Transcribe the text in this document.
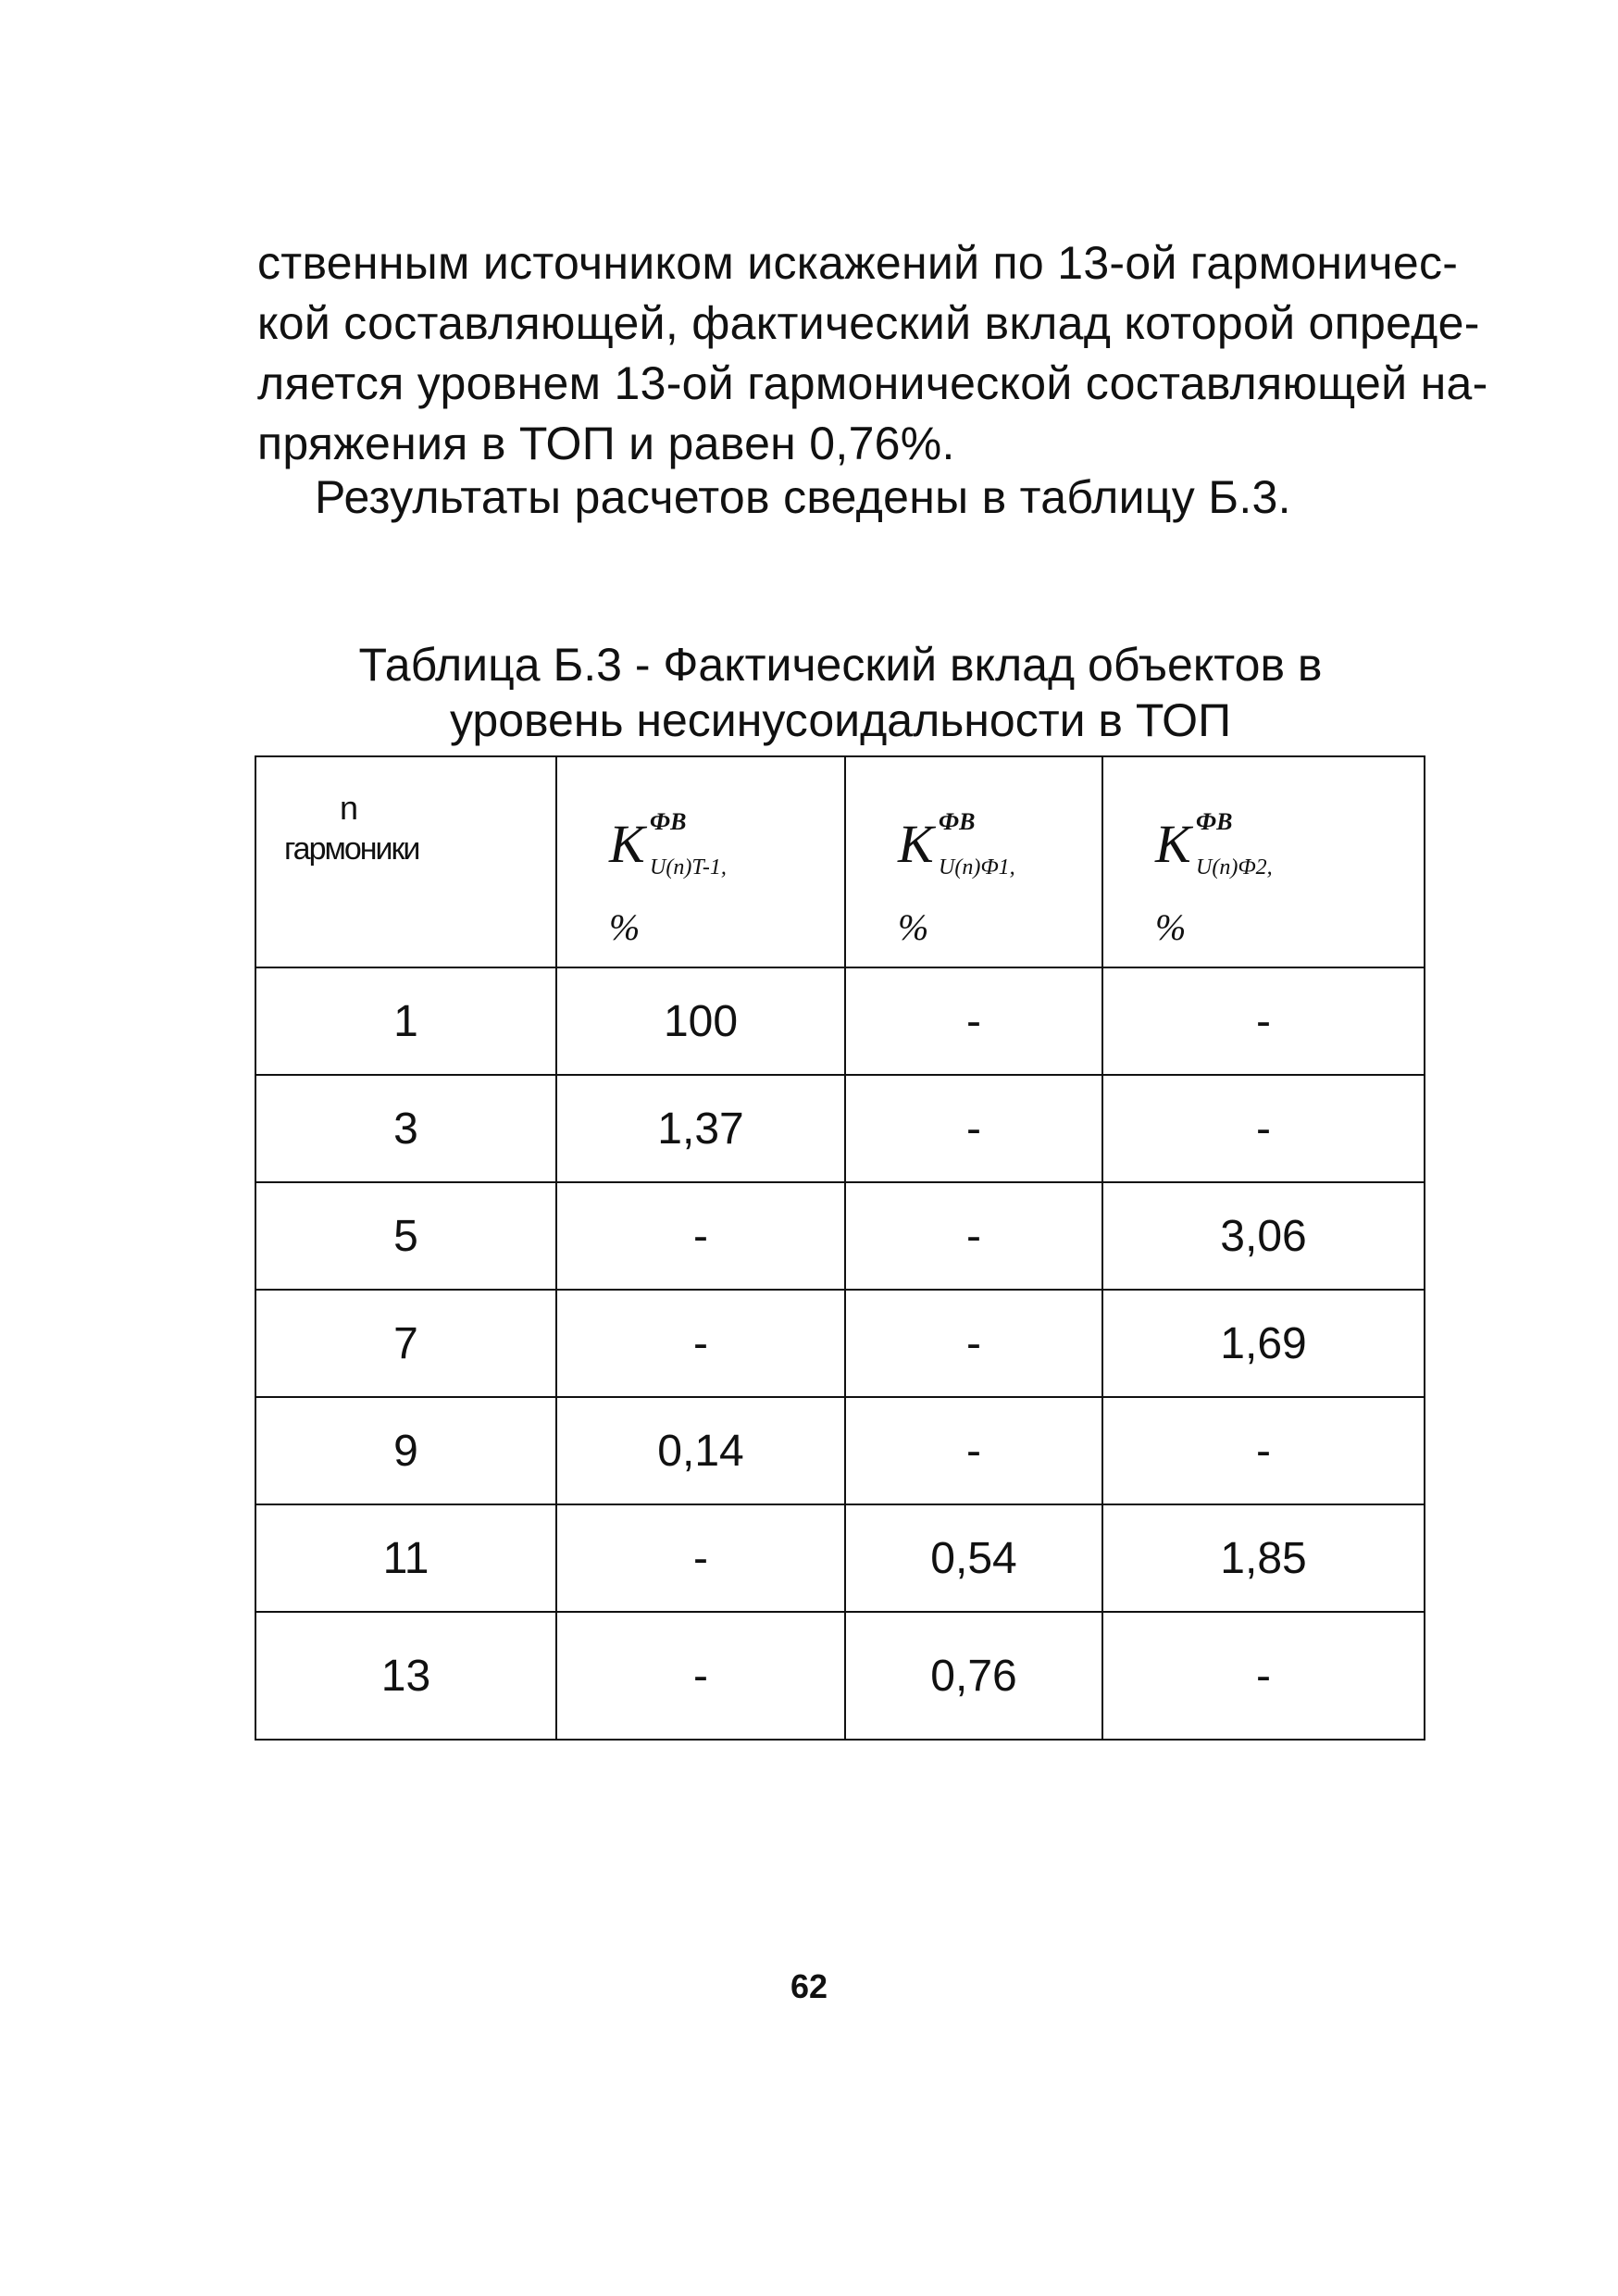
ственным источником искажений по 13-ой гармоничес-
кой составляющей, фактический вклад которой опреде-
ляется уровнем 13-ой гармонической составляющей на-
пряжения в ТОП и равен 0,76%.
Результаты расчетов сведены в таблицу Б.3.
Таблица Б.3 - Фактический вклад объектов в
уровень несинусоидальности в ТОП
n
гармоники	K ФВ
U(n)T-1,
%	K ФВ
U(n)Ф1,
%	K ФВ
U(n)Ф2,
%

1	100	-	-
3	1,37	-	-
5	-	-	3,06
7	-	-	1,69
9	0,14	-	-
11	-	0,54	1,85
13	-	0,76	-
62
